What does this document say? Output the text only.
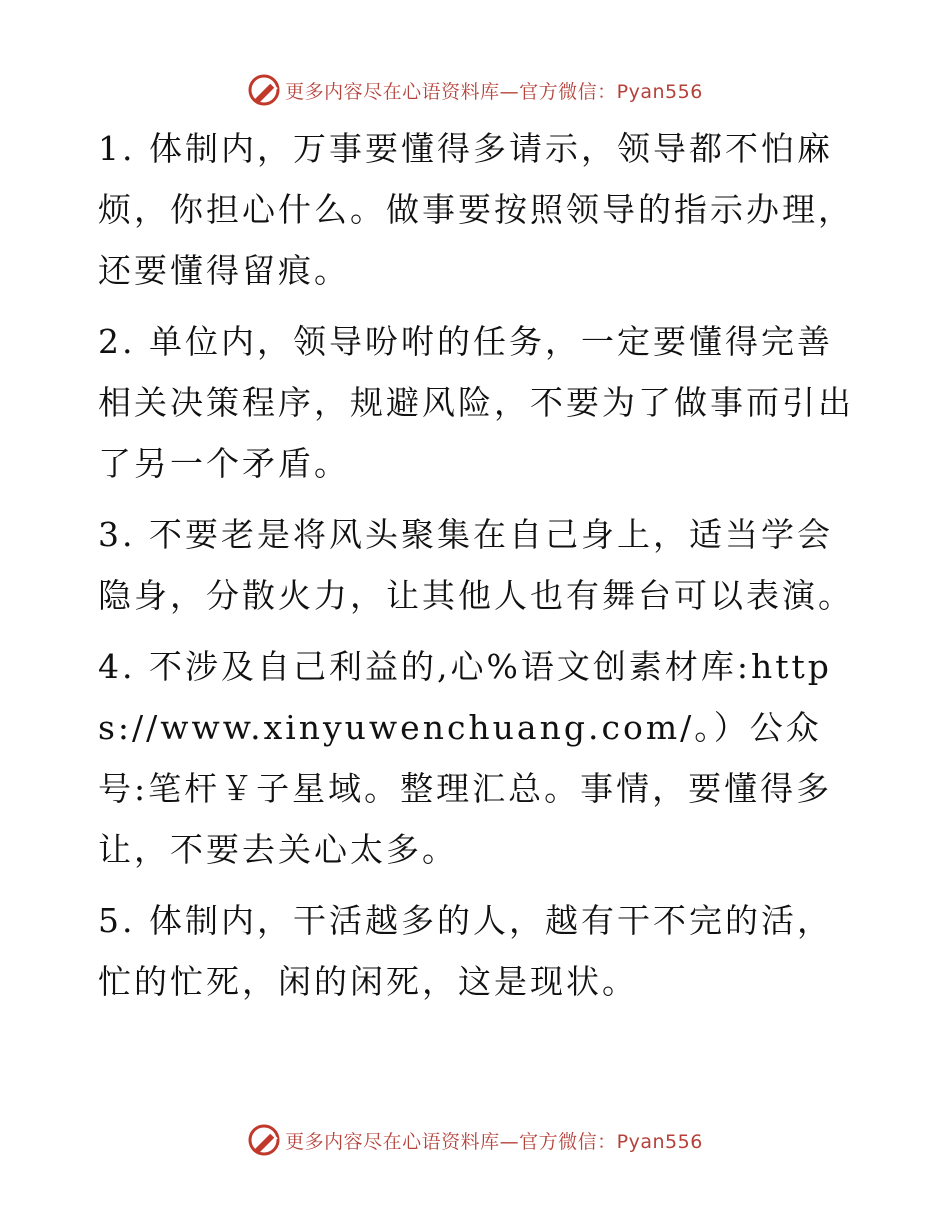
更多内容尽在心语资料库—官方微信：Pyan556

1. 体制内，万事要懂得多请示，领导都不怕麻烦，你担心什么。做事要按照领导的指示办理，还要懂得留痕。

2. 单位内，领导吩咐的任务，一定要懂得完善相关决策程序，规避风险，不要为了做事而引出了另一个矛盾。

3. 不要老是将风头聚集在自己身上，适当学会隐身，分散火力，让其他人也有舞台可以表演。

4. 不涉及自己利益的,心%语文创素材库:https://www.xinyuwenchuang.com/。）公众号:笔杆￥子星域。整理汇总。事情，要懂得多让，不要去关心太多。

5. 体制内，干活越多的人，越有干不完的活，忙的忙死，闲的闲死，这是现状。

更多内容尽在心语资料库—官方微信：Pyan556
